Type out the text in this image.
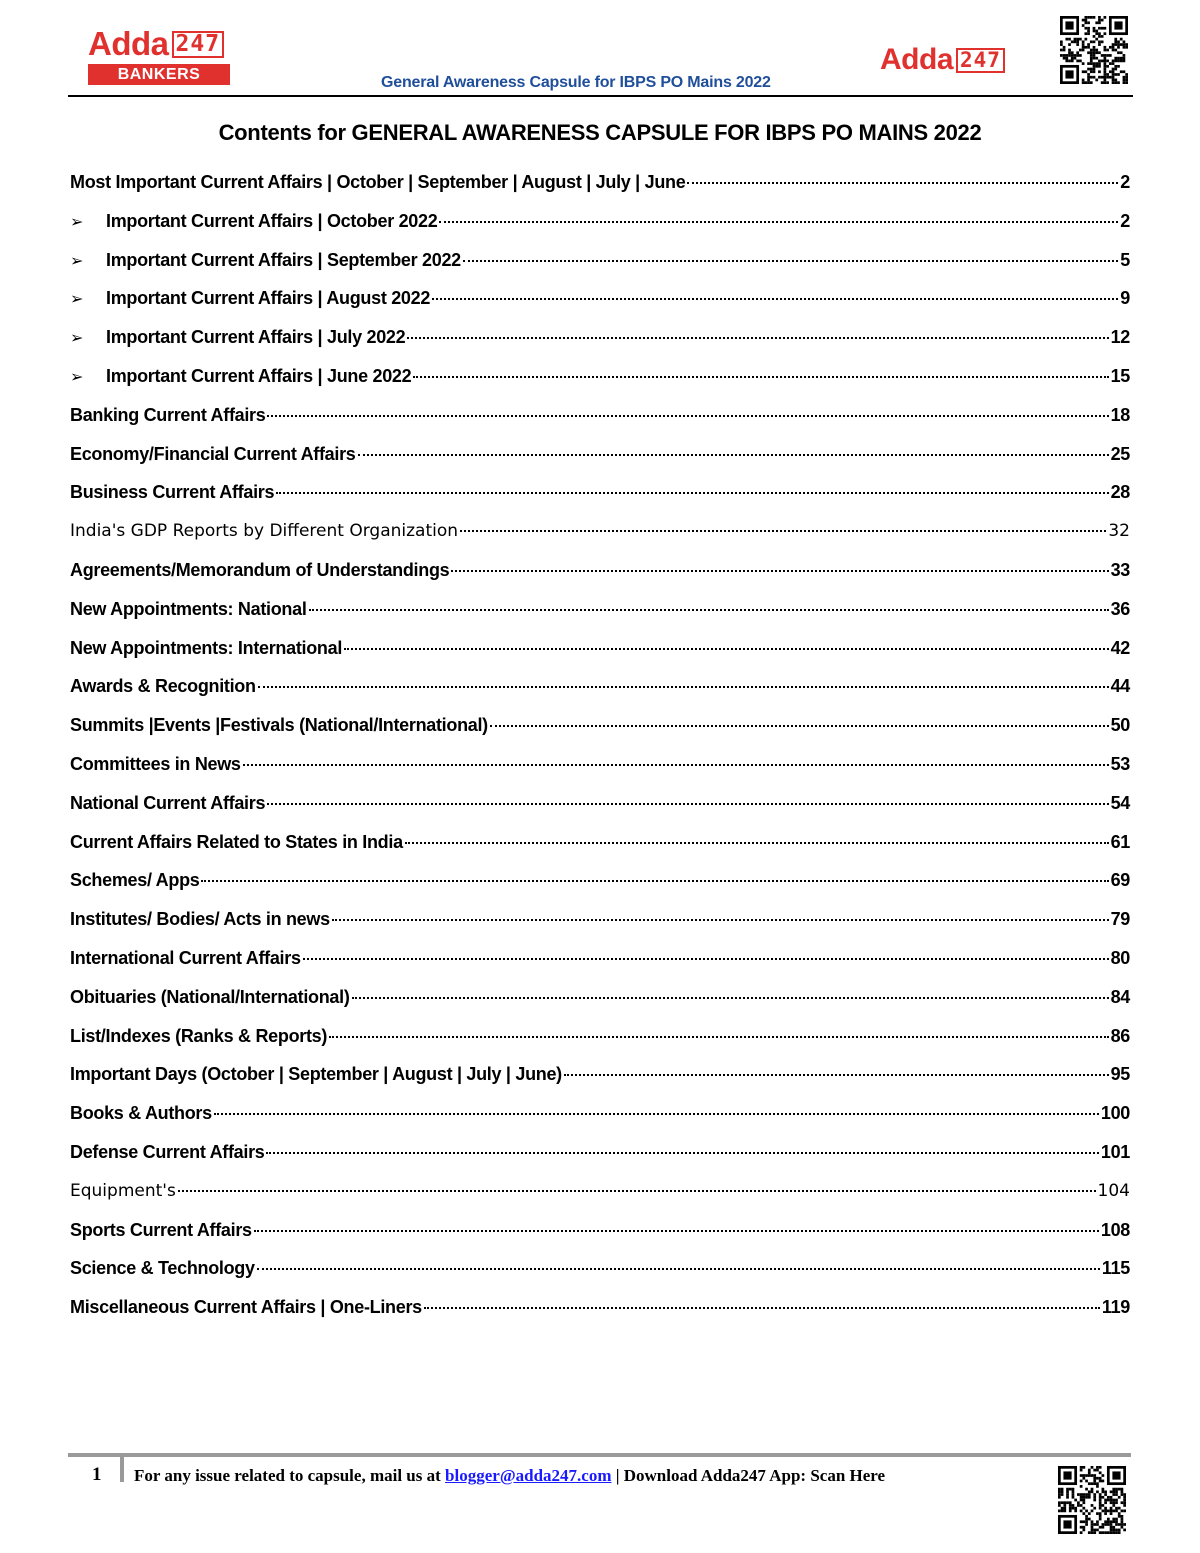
Adda 247
BANKERS	General Awareness Capsule for IBPS PO Mains 2022
Adda 247
Contents for GENERAL AWARENESS CAPSULE FOR IBPS PO MAINS 2022
Most Important Current Affairs | October | September | August | July | June	2
➢	Important Current Affairs | October 2022	2
➢	Important Current Affairs | September 2022	5
➢	Important Current Affairs | August 2022	9
➢	Important Current Affairs | July 2022	12
➢	Important Current Affairs | June 2022	15
Banking Current Affairs	18
Economy/Financial Current Affairs	25
Business Current Affairs	28
India's GDP Reports by Different Organization	32
Agreements/Memorandum of Understandings	33
New Appointments: National	36
New Appointments: International	42
Awards & Recognition	44
Summits |Events |Festivals (National/International)	50
Committees in News	53
National Current Affairs	54
Current Affairs Related to States in India	61
Schemes/ Apps	69
Institutes/ Bodies/ Acts in news	79
International Current Affairs	80
Obituaries (National/International)	84
List/Indexes (Ranks & Reports)	86
Important Days (October | September | August | July | June)	95
Books & Authors	100
Defense Current Affairs	101
Equipment's	104
Sports Current Affairs	108
Science & Technology	115
Miscellaneous Current Affairs | One-Liners	119
1 For any issue related to capsule, mail us at blogger@adda247.com | Download Adda247 App: Scan Here
